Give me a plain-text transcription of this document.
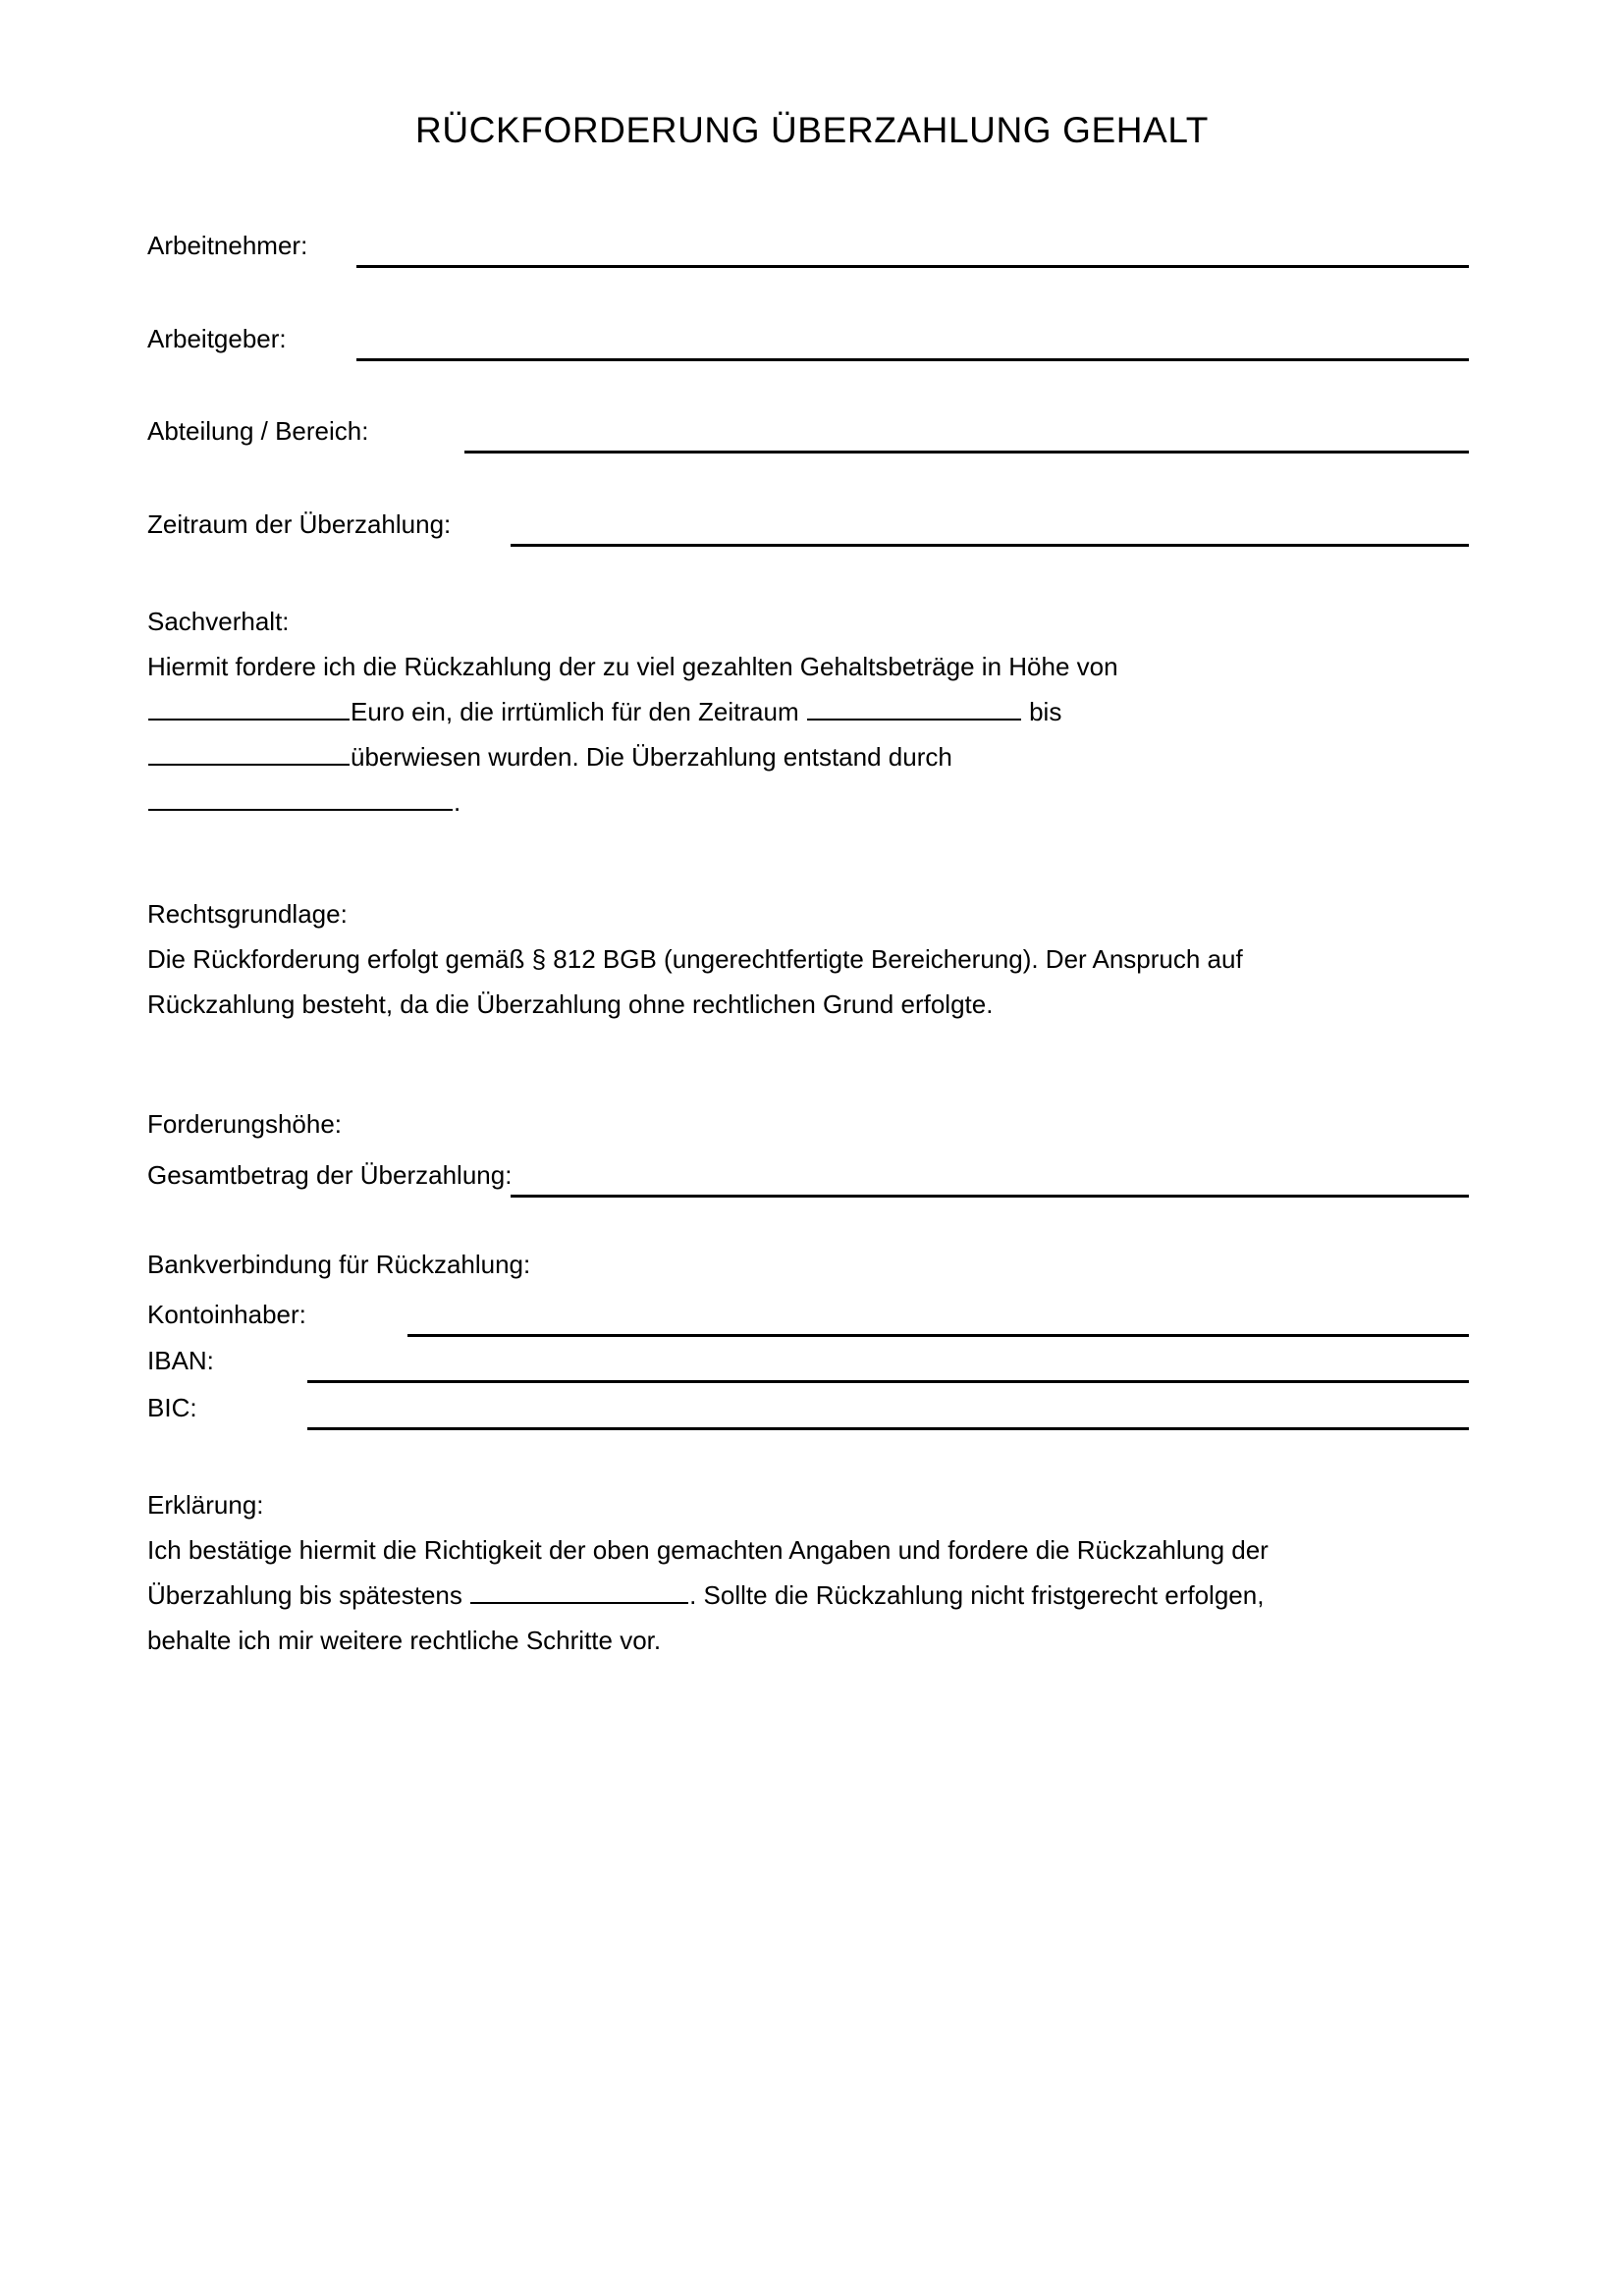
RÜCKFORDERUNG ÜBERZAHLUNG GEHALT
Arbeitnehmer:
Arbeitgeber:
Abteilung / Bereich:
Zeitraum der Überzahlung:
Sachverhalt:
Hiermit fordere ich die Rückzahlung der zu viel gezahlten Gehaltsbeträge in Höhe von
Euro ein, die irrtümlich für den Zeitraum	bis
überwiesen wurden. Die Überzahlung entstand durch
.
Rechtsgrundlage:
Die Rückforderung erfolgt gemäß § 812 BGB (ungerechtfertigte Bereicherung). Der Anspruch auf
Rückzahlung besteht, da die Überzahlung ohne rechtlichen Grund erfolgte.
Forderungshöhe:
Gesamtbetrag der Überzahlung:
Bankverbindung für Rückzahlung:
Kontoinhaber:
IBAN:
BIC:
Erklärung:
Ich bestätige hiermit die Richtigkeit der oben gemachten Angaben und fordere die Rückzahlung der
Überzahlung bis spätestens	. Sollte die Rückzahlung nicht fristgerecht erfolgen,
behalte ich mir weitere rechtliche Schritte vor.
